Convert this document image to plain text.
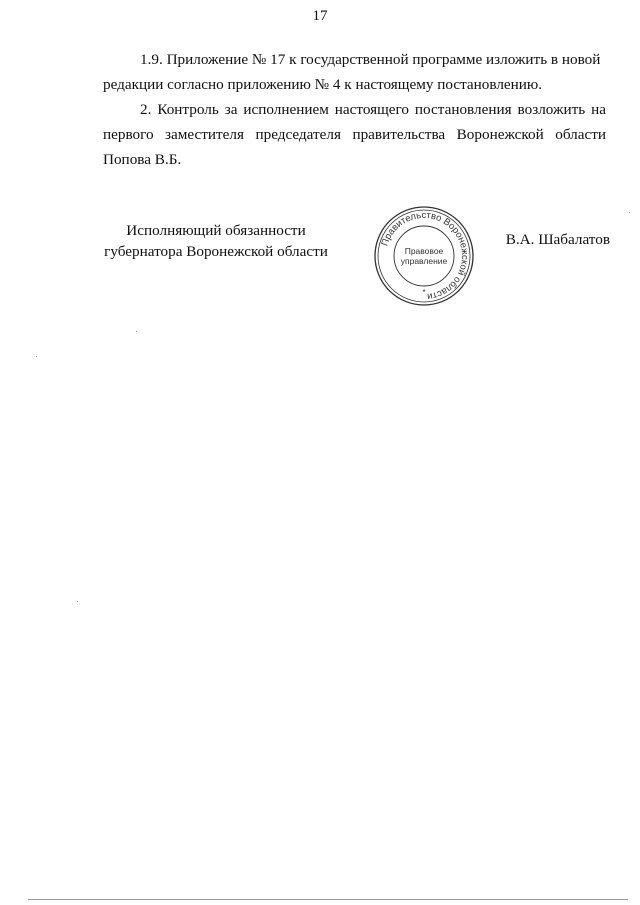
17
1.9. Приложение № 17 к государственной программе изложить в новой
редакции согласно приложению № 4 к настоящему постановлению.
2. Контроль за исполнением настоящего постановления возложить на
первого заместителя председателя правительства Воронежской области
Попова В.Б.
Исполняющий обязанности
губернатора Воронежской области
Правительство Воронежской области
Правовое
управление
*
В.А. Шабалатов
